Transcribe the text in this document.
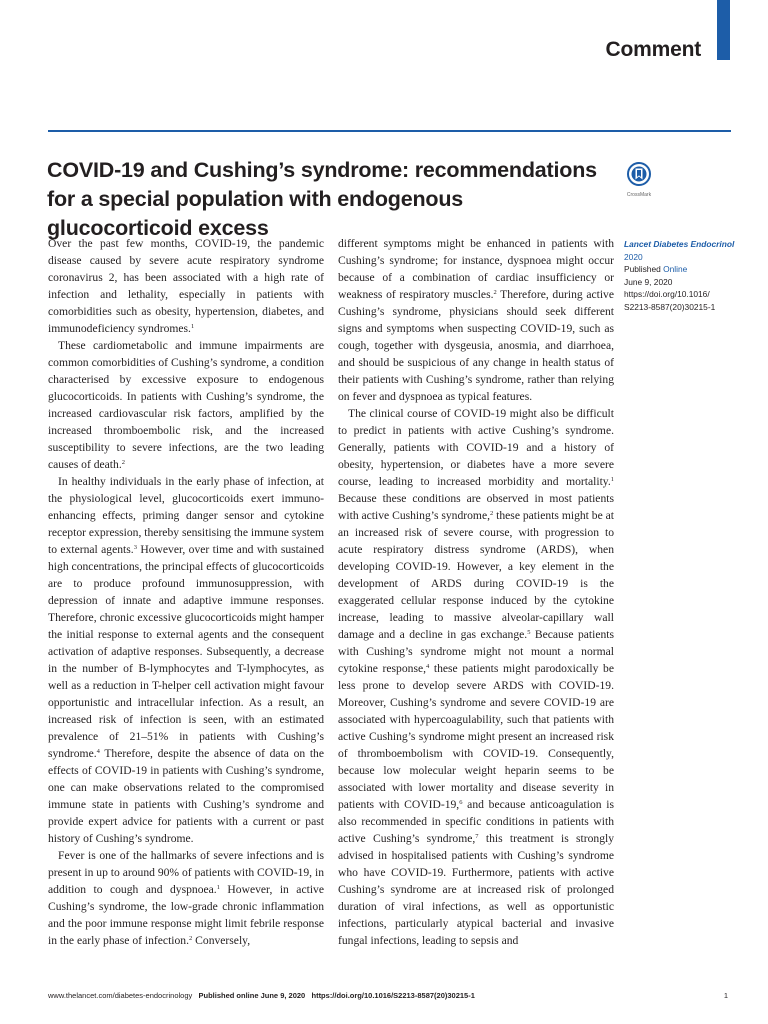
Comment
COVID-19 and Cushing’s syndrome: recommendations for a special population with endogenous glucocorticoid excess
CrossMark

Over the past few months, COVID-19, the pandemic disease caused by severe acute respiratory syndrome coronavirus 2, has been associated with a high rate of infection and lethality, especially in patients with comorbidities such as obesity, hypertension, diabetes, and immunodeficiency syndromes.$^1$

These cardiometabolic and immune impairments are common comorbidities of Cushing’s syndrome, a condition characterised by excessive exposure to endogenous glucocorticoids. In patients with Cushing’s syndrome, the increased cardiovascular risk factors, amplified by the increased thromboembolic risk, and the increased susceptibility to severe infections, are the two leading causes of death.$^2$

In healthy individuals in the early phase of infection, at the physiological level, glucocorticoids exert immuno-enhancing effects, priming danger sensor and cytokine receptor expression, thereby sensitising the immune system to external agents.$^3$ However, over time and with sustained high concentrations, the principal effects of glucocorticoids are to produce profound immunosuppression, with depression of innate and adaptive immune responses. Therefore, chronic excessive glucocorticoids might hamper the initial response to external agents and the consequent activation of adaptive responses. Subsequently, a decrease in the number of B-lymphocytes and T-lymphocytes, as well as a reduction in T-helper cell activation might favour opportunistic and intracellular infection. As a result, an increased risk of infection is seen, with an estimated prevalence of 21–51% in patients with Cushing’s syndrome.$^4$ Therefore, despite the absence of data on the effects of COVID-19 in patients with Cushing’s syndrome, one can make observations related to the compromised immune state in patients with Cushing’s syndrome and provide expert advice for patients with a current or past history of Cushing’s syndrome.

Fever is one of the hallmarks of severe infections and is present in up to around 90% of patients with COVID-19, in addition to cough and dyspnoea.$^1$ However, in active Cushing’s syndrome, the low-grade chronic inflammation and the poor immune response might limit febrile response in the early phase of infection.$^2$ Conversely,

different symptoms might be enhanced in patients with Cushing’s syndrome; for instance, dyspnoea might occur because of a combination of cardiac insufficiency or weakness of respiratory muscles.$^2$ Therefore, during active Cushing’s syndrome, physicians should seek different signs and symptoms when suspecting COVID-19, such as cough, together with dysgeusia, anosmia, and diarrhoea, and should be suspicious of any change in health status of their patients with Cushing’s syndrome, rather than relying on fever and dyspnoea as typical features.

The clinical course of COVID-19 might also be difficult to predict in patients with active Cushing’s syndrome. Generally, patients with COVID-19 and a history of obesity, hypertension, or diabetes have a more severe course, leading to increased morbidity and mortality.$^1$ Because these conditions are observed in most patients with active Cushing’s syndrome,$^2$ these patients might be at an increased risk of severe course, with progression to acute respiratory distress syndrome (ARDS), when developing COVID-19. However, a key element in the development of ARDS during COVID-19 is the exaggerated cellular response induced by the cytokine increase, leading to massive alveolar-capillary wall damage and a decline in gas exchange.$^5$ Because patients with Cushing’s syndrome might not mount a normal cytokine response,$^4$ these patients might parodoxically be less prone to develop severe ARDS with COVID-19. Moreover, Cushing’s syndrome and severe COVID-19 are associated with hypercoagulability, such that patients with active Cushing’s syndrome might present an increased risk of thromboembolism with COVID-19. Consequently, because low molecular weight heparin seems to be associated with lower mortality and disease severity in patients with COVID-19,$^6$ and because anticoagulation is also recommended in specific conditions in patients with active Cushing’s syndrome,$^7$ this treatment is strongly advised in hospitalised patients with Cushing’s syndrome who have COVID-19. Furthermore, patients with active Cushing’s syndrome are at increased risk of prolonged duration of viral infections, as well as opportunistic infections, particularly atypical bacterial and invasive fungal infections, leading to sepsis and

Lancet Diabetes Endocrinol 2020
Published Online
June 9, 2020
https://doi.org/10.1016/
S2213-8587(20)30215-1
www.thelancet.com/diabetes-endocrinology Published online June 9, 2020 https://doi.org/10.1016/S2213-8587(20)30215-1	1
